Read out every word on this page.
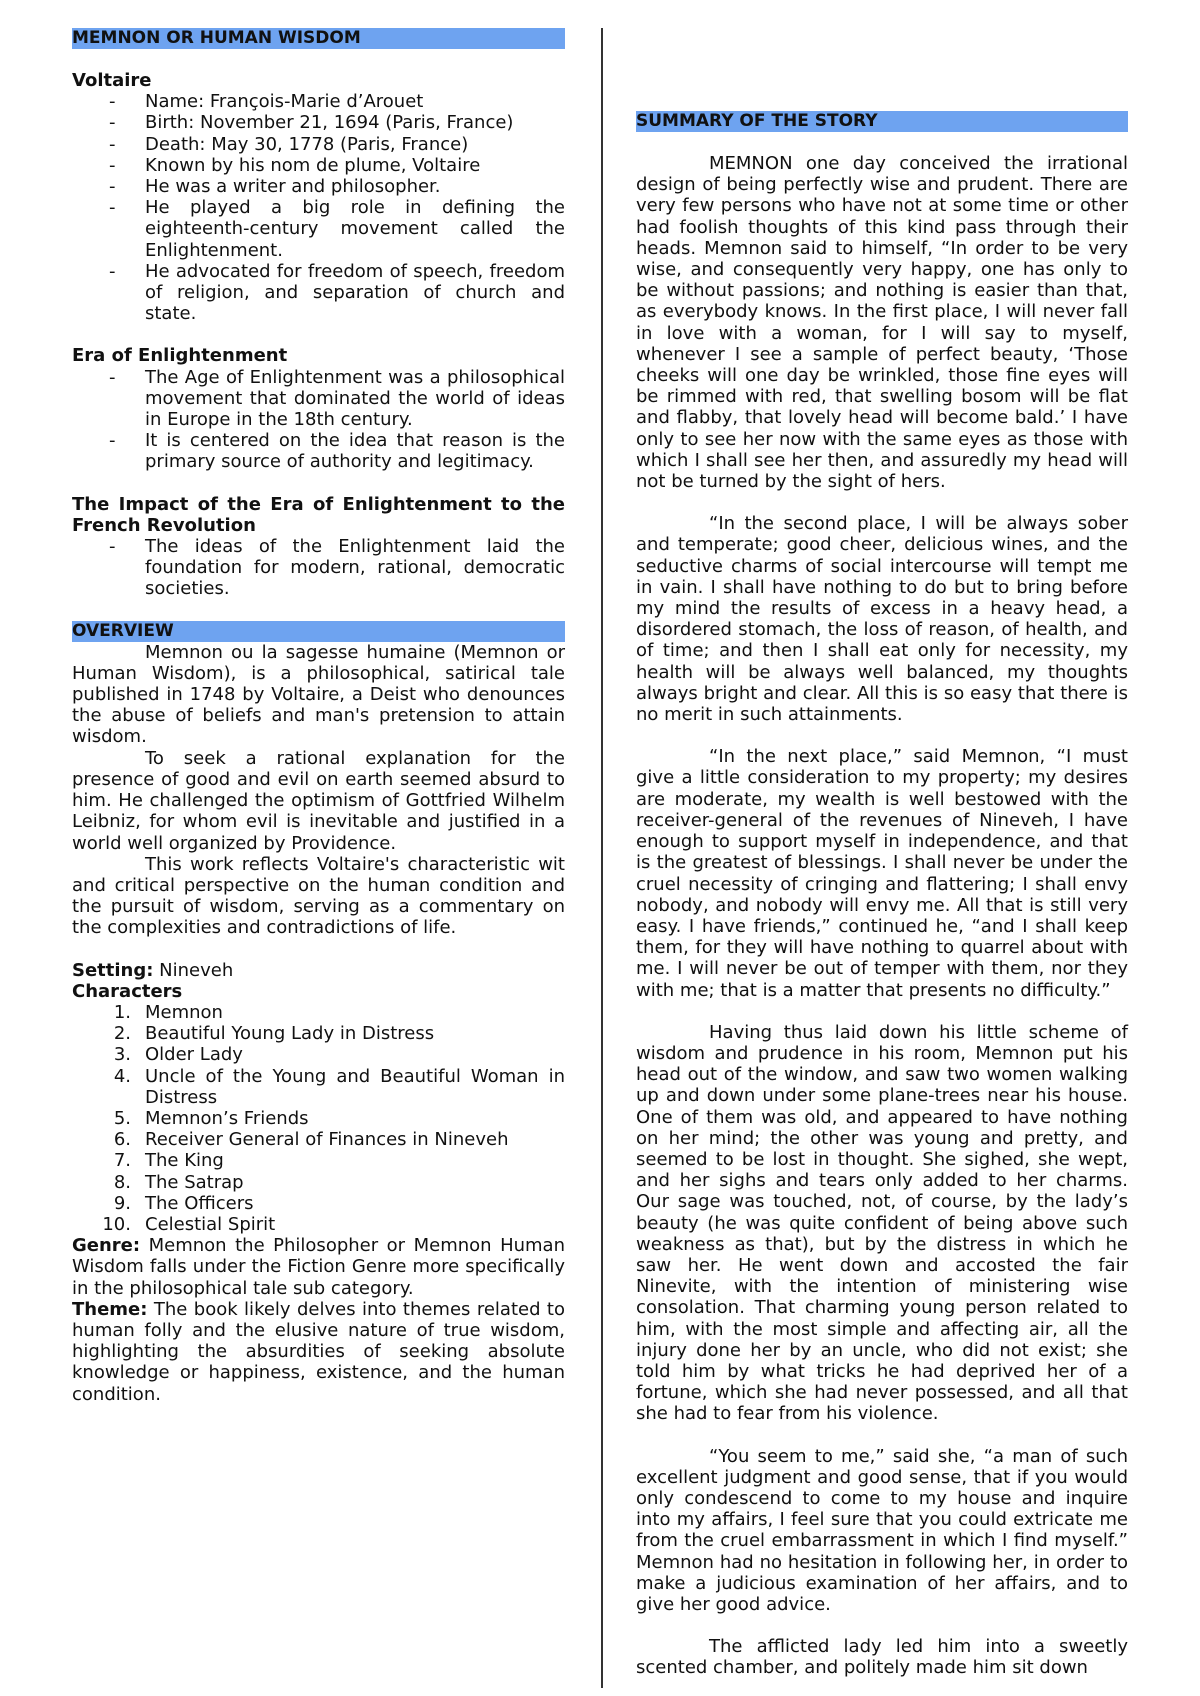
MEMNON OR HUMAN WISDOM
Voltaire
- Name: François-Marie d’Arouet
- Birth: November 21, 1694 (Paris, France)
- Death: May 30, 1778 (Paris, France)
- Known by his nom de plume, Voltaire
- He was a writer and philosopher.
- He played a big role in defining the eighteenth-century movement called the Enlightenment.
- He advocated for freedom of speech, freedom of religion, and separation of church and state.
Era of Enlightenment
- The Age of Enlightenment was a philosophical movement that dominated the world of ideas in Europe in the 18th century.
- It is centered on the idea that reason is the primary source of authority and legitimacy.
The Impact of the Era of Enlightenment to the French Revolution
- The ideas of the Enlightenment laid the foundation for modern, rational, democratic societies.
OVERVIEW

Memnon ou la sagesse humaine (Memnon or Human Wisdom), is a philosophical, satirical tale published in 1748 by Voltaire, a Deist who denounces the abuse of beliefs and man's pretension to attain wisdom.

To seek a rational explanation for the presence of good and evil on earth seemed absurd to him. He challenged the optimism of Gottfried Wilhelm Leibniz, for whom evil is inevitable and justified in a world well organized by Providence.

This work reflects Voltaire's characteristic wit and critical perspective on the human condition and the pursuit of wisdom, serving as a commentary on the complexities and contradictions of life.

Setting: Nineveh

Characters
1. Memnon
2. Beautiful Young Lady in Distress
3. Older Lady
4. Uncle of the Young and Beautiful Woman in Distress
5. Memnon’s Friends
6. Receiver General of Finances in Nineveh
7. The King
8. The Satrap
9. The Officers
10. Celestial Spirit

Genre: Memnon the Philosopher or Memnon Human Wisdom falls under the Fiction Genre more specifically in the philosophical tale sub category.

Theme: The book likely delves into themes related to human folly and the elusive nature of true wisdom, highlighting the absurdities of seeking absolute knowledge or happiness, existence, and the human condition.

SUMMARY OF THE STORY

MEMNON one day conceived the irrational design of being perfectly wise and prudent. There are very few persons who have not at some time or other had foolish thoughts of this kind pass through their heads. Memnon said to himself, “In order to be very wise, and consequently very happy, one has only to be without passions; and nothing is easier than that, as everybody knows. In the first place, I will never fall in love with a woman, for I will say to myself, whenever I see a sample of perfect beauty, ‘Those cheeks will one day be wrinkled, those fine eyes will be rimmed with red, that swelling bosom will be flat and flabby, that lovely head will become bald.’ I have only to see her now with the same eyes as those with which I shall see her then, and assuredly my head will not be turned by the sight of hers.

“In the second place, I will be always sober and temperate; good cheer, delicious wines, and the seductive charms of social intercourse will tempt me in vain. I shall have nothing to do but to bring before my mind the results of excess in a heavy head, a disordered stomach, the loss of reason, of health, and of time; and then I shall eat only for necessity, my health will be always well balanced, my thoughts always bright and clear. All this is so easy that there is no merit in such attainments.

“In the next place,” said Memnon, “I must give a little consideration to my property; my desires are moderate, my wealth is well bestowed with the receiver-general of the revenues of Nineveh, I have enough to support myself in independence, and that is the greatest of blessings. I shall never be under the cruel necessity of cringing and flattering; I shall envy nobody, and nobody will envy me. All that is still very easy. I have friends,” continued he, “and I shall keep them, for they will have nothing to quarrel about with me. I will never be out of temper with them, nor they with me; that is a matter that presents no difficulty.”

Having thus laid down his little scheme of wisdom and prudence in his room, Memnon put his head out of the window, and saw two women walking up and down under some plane-trees near his house. One of them was old, and appeared to have nothing on her mind; the other was young and pretty, and seemed to be lost in thought. She sighed, she wept, and her sighs and tears only added to her charms. Our sage was touched, not, of course, by the lady’s beauty (he was quite confident of being above such weakness as that), but by the distress in which he saw her. He went down and accosted the fair Ninevite, with the intention of ministering wise consolation. That charming young person related to him, with the most simple and affecting air, all the injury done her by an uncle, who did not exist; she told him by what tricks he had deprived her of a fortune, which she had never possessed, and all that she had to fear from his violence.

“You seem to me,” said she, “a man of such excellent judgment and good sense, that if you would only condescend to come to my house and inquire into my affairs, I feel sure that you could extricate me from the cruel embarrassment in which I find myself.” Memnon had no hesitation in following her, in order to make a judicious examination of her affairs, and to give her good advice.

The afflicted lady led him into a sweetly scented chamber, and politely made him sit down
